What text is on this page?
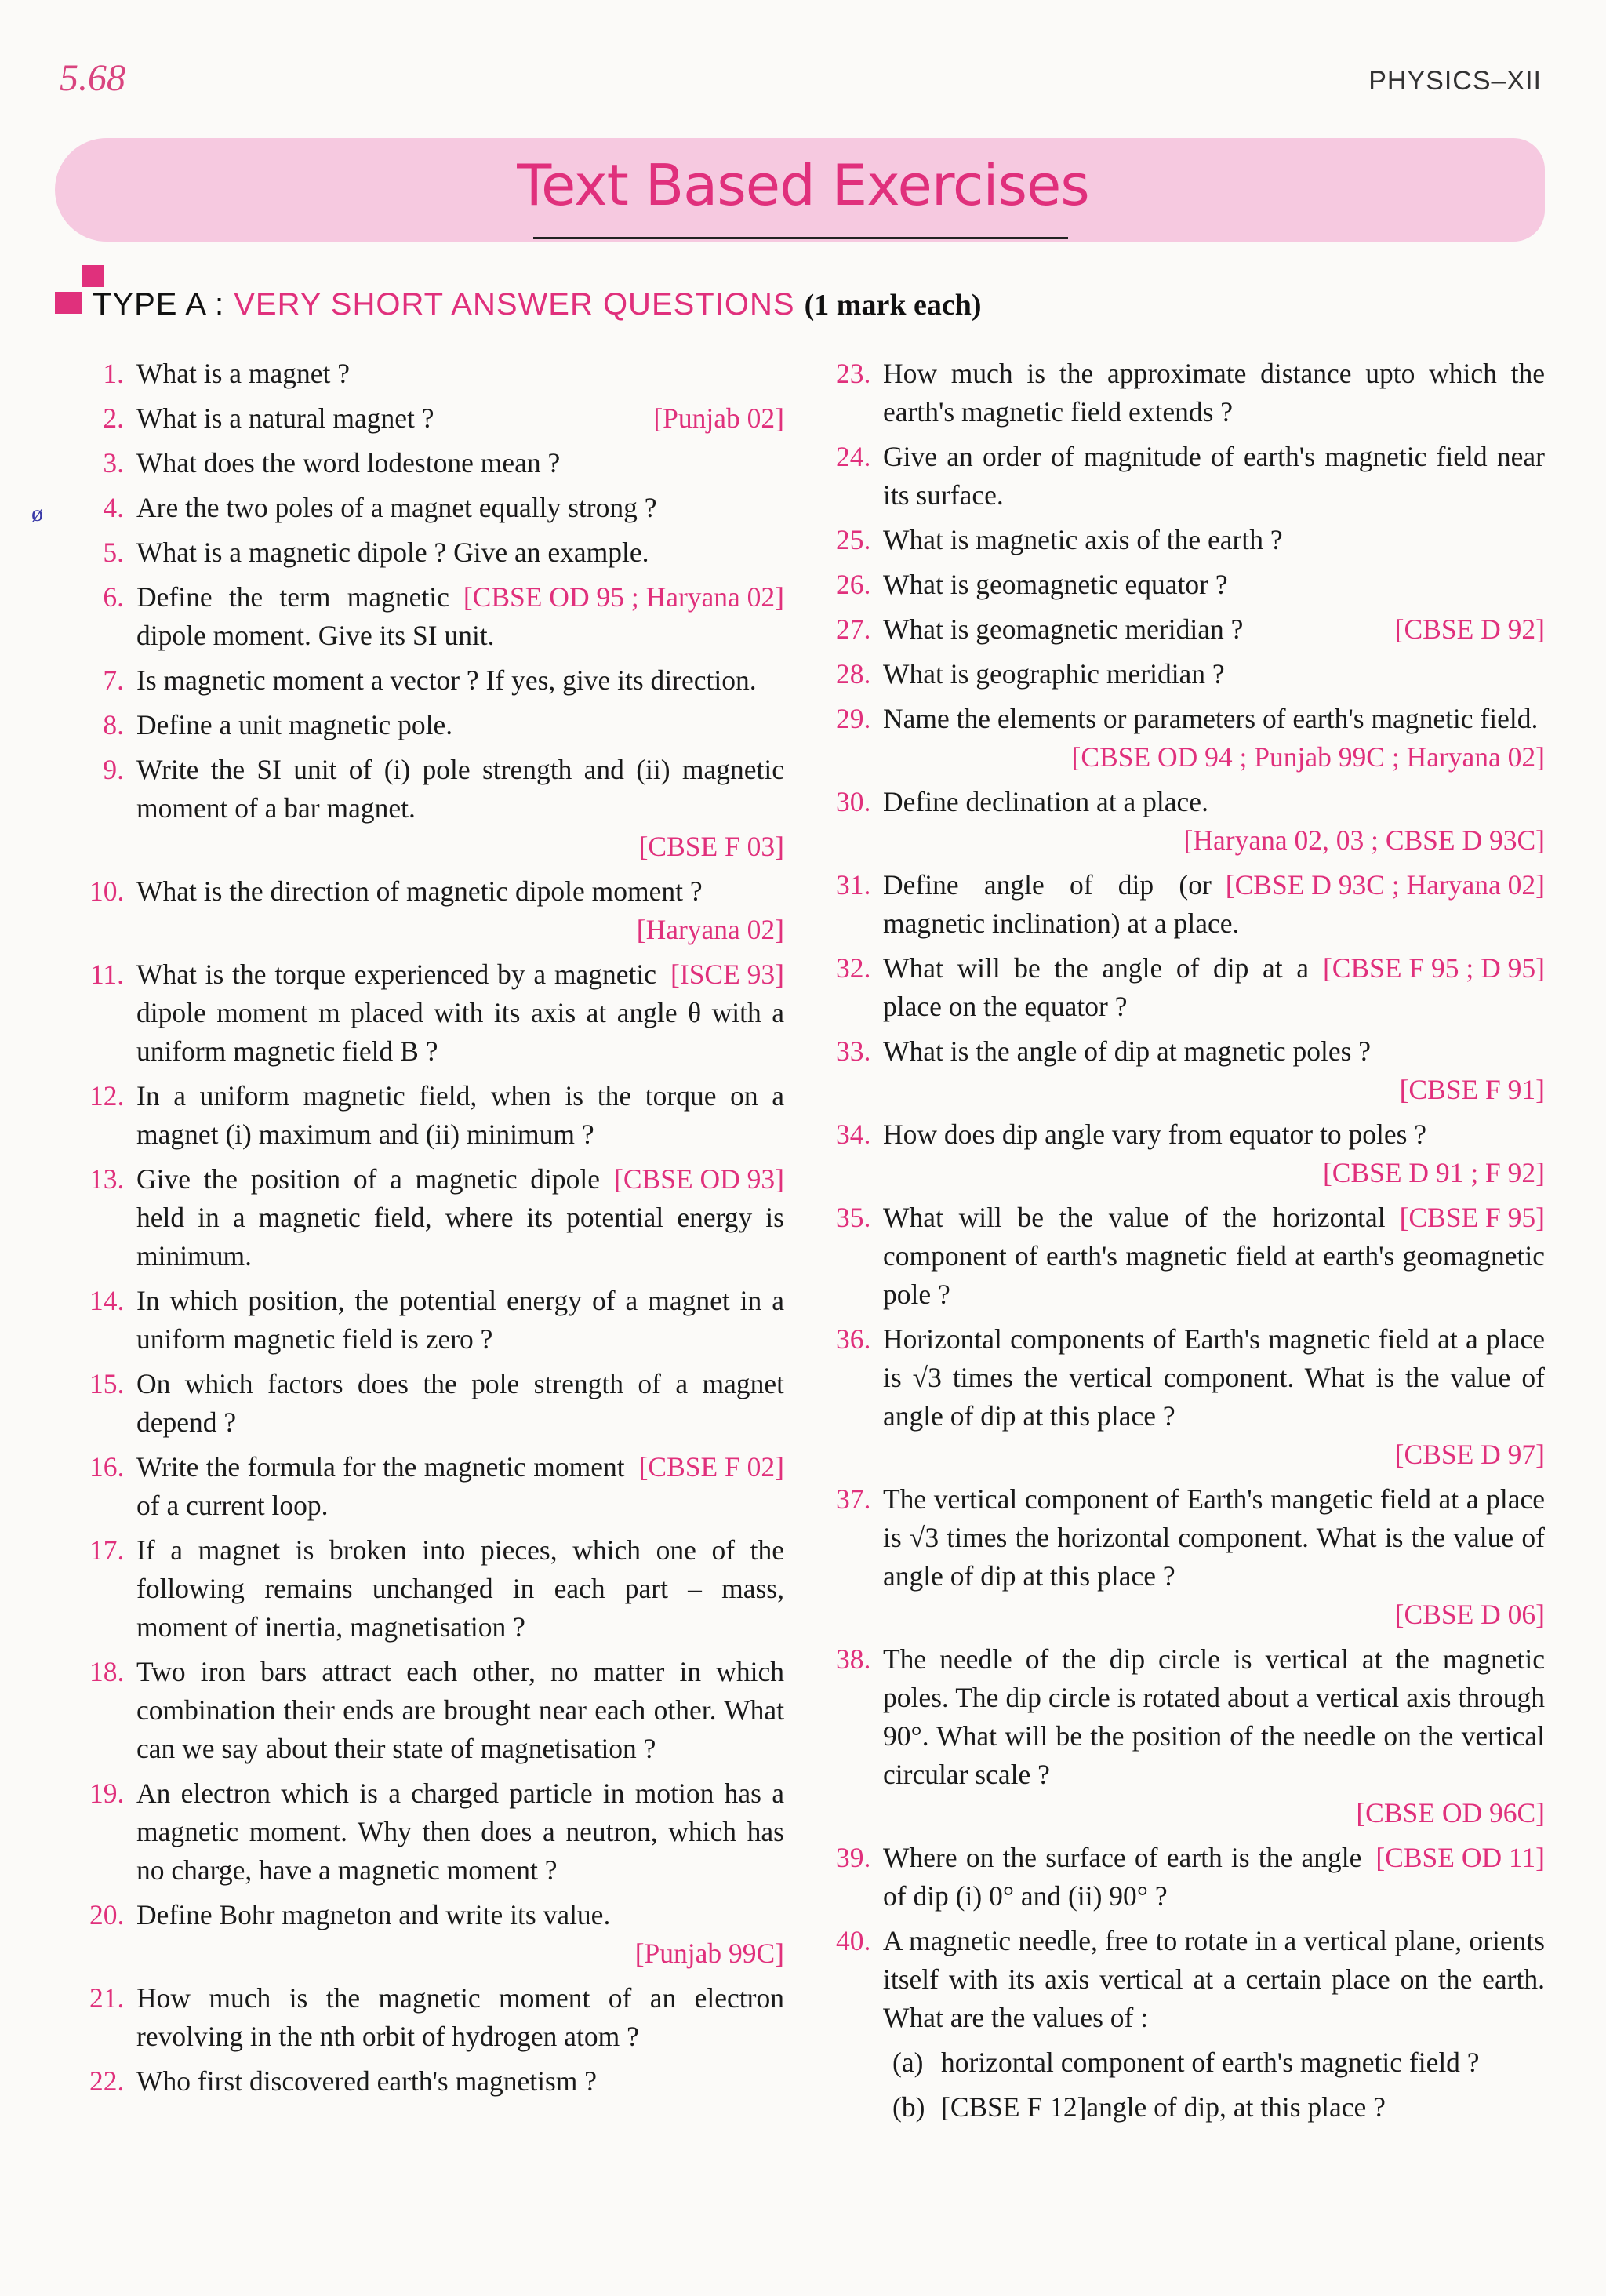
5.68	PHYSICS–XII
Text Based Exercises
TYPE A : VERY SHORT ANSWER QUESTIONS (1 mark each)
ø
1. What is a magnet ?
2.	[Punjab 02]
What is a natural magnet ?
3. What does the word lodestone mean ?
4. Are the two poles of a magnet equally strong ?
5. What is a magnetic dipole ? Give an example.
6.	[CBSE OD 95 ; Haryana 02]
Define the term magnetic dipole moment. Give its SI unit.
7. Is magnetic moment a vector ? If yes, give its direction.
8. Define a unit magnetic pole.
9. Write the SI unit of (i) pole strength and (ii) magnetic moment of a bar magnet.
[CBSE F 03]
10. What is the direction of magnetic dipole moment ?
[Haryana 02]
11.	[ISCE 93]
What is the torque experienced by a magnetic dipole moment m placed with its axis at angle θ with a uniform magnetic field B ?
12. In a uniform magnetic field, when is the torque on a magnet (i) maximum and (ii) minimum ?
13.	[CBSE OD 93]
Give the position of a magnetic dipole held in a magnetic field, where its potential energy is minimum.
14. In which position, the potential energy of a magnet in a uniform magnetic field is zero ?
15. On which factors does the pole strength of a magnet depend ?
16.	[CBSE F 02]
Write the formula for the magnetic moment of a current loop.
17. If a magnet is broken into pieces, which one of the following remains unchanged in each part – mass, moment of inertia, magnetisation ?
18. Two iron bars attract each other, no matter in which combination their ends are brought near each other. What can we say about their state of magnetisation ?
19. An electron which is a charged particle in motion has a magnetic moment. Why then does a neutron, which has no charge, have a magnetic moment ?
20. Define Bohr magneton and write its value.
[Punjab 99C]
21. How much is the magnetic moment of an electron revolving in the nth orbit of hydrogen atom ?
22. Who first discovered earth's magnetism ?
23. How much is the approximate distance upto which the earth's magnetic field extends ?
24. Give an order of magnitude of earth's magnetic field near its surface.
25. What is magnetic axis of the earth ?
26. What is geomagnetic equator ?
27.	[CBSE D 92]
What is geomagnetic meridian ?
28. What is geographic meridian ?
29. Name the elements or parameters of earth's magnetic field.
[CBSE OD 94 ; Punjab 99C ; Haryana 02]
30. Define declination at a place.
[Haryana 02, 03 ; CBSE D 93C]
31.	[CBSE D 93C ; Haryana 02]
Define angle of dip (or magnetic inclination) at a place.
32.	[CBSE F 95 ; D 95]
What will be the angle of dip at a place on the equator ?
33. What is the angle of dip at magnetic poles ?
[CBSE F 91]
34. How does dip angle vary from equator to poles ?
[CBSE D 91 ; F 92]
35.	[CBSE F 95]
What will be the value of the horizontal component of earth's magnetic field at earth's geomagnetic pole ?
36. Horizontal components of Earth's magnetic field at a place is √3 times the vertical component. What is the value of angle of dip at this place ?
[CBSE D 97]
37. The vertical component of Earth's mangetic field at a place is √3 times the horizontal component. What is the value of angle of dip at this place ?
[CBSE D 06]
38. The needle of the dip circle is vertical at the magnetic poles. The dip circle is rotated about a vertical axis through 90°. What will be the position of the needle on the vertical circular scale ?
[CBSE OD 96C]
39.	[CBSE OD 11]
Where on the surface of earth is the angle of dip (i) 0° and (ii) 90° ?
40. A magnetic needle, free to rotate in a vertical plane, orients itself with its axis vertical at a certain place on the earth. What are the values of :
(a) horizontal component of earth's magnetic field ?
(b) [CBSE F 12]angle of dip, at this place ?
